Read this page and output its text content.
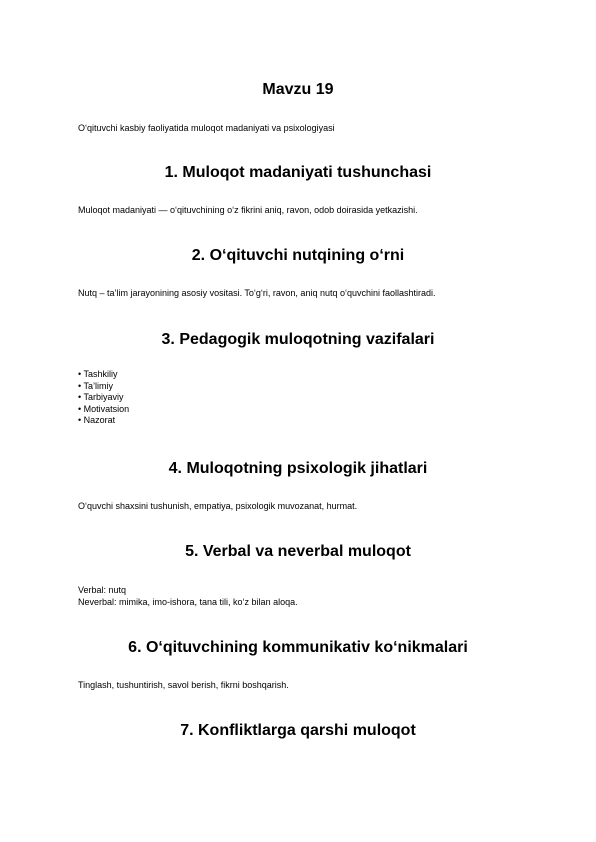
Mavzu 19
O‘qituvchi kasbiy faoliyatida muloqot madaniyati va psixologiyasi
1. Muloqot madaniyati tushunchasi
Muloqot madaniyati — o‘qituvchining o‘z fikrini aniq, ravon, odob doirasida yetkazishi.
2. O‘qituvchi nutqining o‘rni
Nutq – ta’lim jarayonining asosiy vositasi. To‘g‘ri, ravon, aniq nutq o‘quvchini faollashtiradi.
3. Pedagogik muloqotning vazifalari
• Tashkiliy
• Ta’limiy
• Tarbiyaviy
• Motivatsion
• Nazorat
4. Muloqotning psixologik jihatlari
O‘quvchi shaxsini tushunish, empatiya, psixologik muvozanat, hurmat.
5. Verbal va neverbal muloqot
Verbal: nutq
Neverbal: mimika, imo-ishora, tana tili, ko‘z bilan aloqa.
6. O‘qituvchining kommunikativ ko‘nikmalari
Tinglash, tushuntirish, savol berish, fikrni boshqarish.
7. Konfliktlarga qarshi muloqot
